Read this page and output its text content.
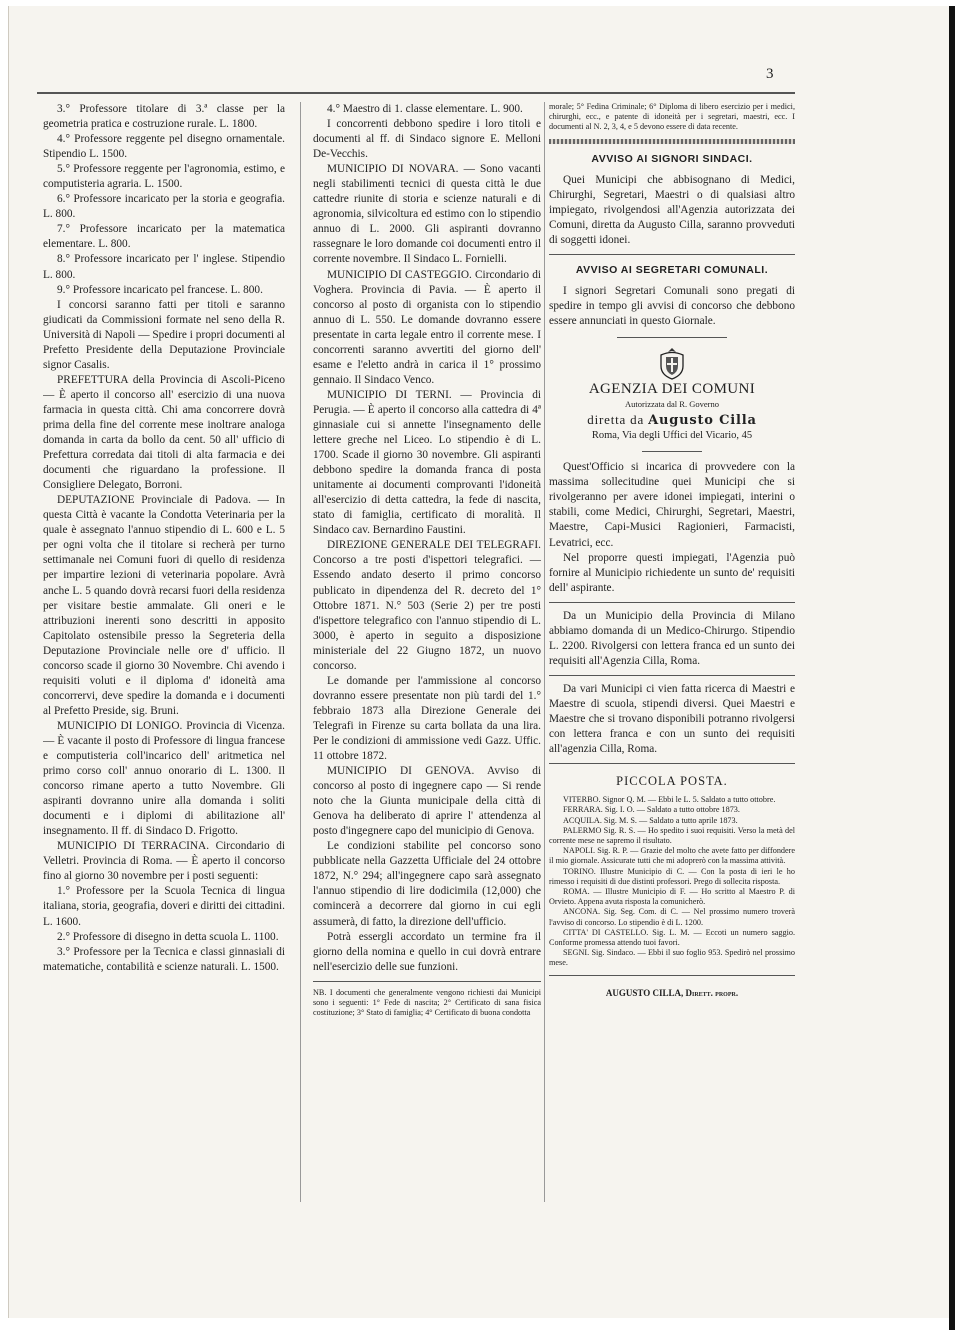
3

3.° Professore titolare di 3.ª classe per la geometria pratica e costruzione rurale. L. 1800.

4.° Professore reggente pel disegno ornamentale. Stipendio L. 1500.

5.° Professore reggente per l'agronomia, estimo, e computisteria agraria. L. 1500.

6.° Professore incaricato per la storia e geografia. L. 800.

7.° Professore incaricato per la matematica elementare. L. 800.

8.° Professore incaricato per l' inglese. Stipendio L. 800.

9.° Professore incaricato pel francese. L. 800.

I concorsi saranno fatti per titoli e saranno giudicati da Commissioni formate nel seno della R. Università di Napoli — Spedire i propri documenti al Prefetto Presidente della Deputazione Provinciale signor Casalis.

PREFETTURA della Provincia di Ascoli-Piceno — È aperto il concorso all' esercizio di una nuova farmacia in questa città. Chi ama concorrere dovrà prima della fine del corrente mese inoltrare analoga domanda in carta da bollo da cent. 50 all' ufficio di Prefettura corredata dai titoli di alta farmacia e dei documenti che riguardano la professione. Il Consigliere Delegato, Borroni.

DEPUTAZIONE Provinciale di Padova. — In questa Città è vacante la Condotta Veterinaria per la quale è assegnato l'annuo stipendio di L. 600 e L. 5 per ogni volta che il titolare si recherà per turno settimanale nei Comuni fuori di quello di residenza per impartire lezioni di veterinaria popolare. Avrà anche L. 5 quando dovrà recarsi fuori della residenza per visitare bestie ammalate. Gli oneri e le attribuzioni inerenti sono descritti in apposito Capitolato ostensibile presso la Segreteria della Deputazione Provinciale nelle ore d' ufficio. Il concorso scade il giorno 30 Novembre. Chi avendo i requisiti voluti e il diploma d' idoneità ama concorrervi, deve spedire la domanda e i documenti al Prefetto Preside, sig. Bruni.

MUNICIPIO DI LONIGO. Provincia di Vicenza. — È vacante il posto di Professore di lingua francese e computisteria coll'incarico dell' aritmetica nel primo corso coll' annuo onorario di L. 1300. Il concorso rimane aperto a tutto Novembre. Gli aspiranti dovranno unire alla domanda i soliti documenti e i diplomi di abilitazione all' insegnamento. Il ff. di Sindaco D. Frigotto.

MUNICIPIO DI TERRACINA. Circondario di Velletri. Provincia di Roma. — È aperto il concorso fino al giorno 30 novembre per i posti seguenti:

1.° Professore per la Scuola Tecnica di lingua italiana, storia, geografia, doveri e diritti dei cittadini. L. 1600.

2.° Professore di disegno in detta scuola L. 1100.

3.° Professore per la Tecnica e classi ginnasiali di matematiche, contabilità e scienze naturali. L. 1500.

4.° Maestro di 1. classe elementare. L. 900.

I concorrenti debbono spedire i loro titoli e documenti al ff. di Sindaco signore E. Melloni De-Vecchis.

MUNICIPIO DI NOVARA. — Sono vacanti negli stabilimenti tecnici di questa città le due cattedre riunite di storia e scienze naturali e di agronomia, silvicoltura ed estimo con lo stipendio annuo di L. 2000. Gli aspiranti dovranno rassegnare le loro domande coi documenti entro il corrente novembre. Il Sindaco L. Fornielli.

MUNICIPIO DI CASTEGGIO. Circondario di Voghera. Provincia di Pavia. — È aperto il concorso al posto di organista con lo stipendio annuo di L. 550. Le domande dovranno essere presentate in carta legale entro il corrente mese. I concorrenti saranno avvertiti del giorno dell' esame e l'eletto andrà in carica il 1° prossimo gennaio. Il Sindaco Venco.

MUNICIPIO DI TERNI. — Provincia di Perugia. — È aperto il concorso alla cattedra di 4ª ginnasiale cui si annette l'insegnamento delle lettere greche nel Liceo. Lo stipendio è di L. 1700. Scade il giorno 30 novembre. Gli aspiranti debbono spedire la domanda franca di posta unitamente ai documenti comprovanti l'idoneità all'esercizio di detta cattedra, la fede di nascita, stato di famiglia, certificato di moralità. Il Sindaco cav. Bernardino Faustini.

DIREZIONE GENERALE DEI TELEGRAFI. Concorso a tre posti d'ispettori telegrafici. — Essendo andato deserto il primo concorso publicato in dipendenza del R. decreto del 1° Ottobre 1871. N.° 503 (Serie 2) per tre posti d'ispettore telegrafico con l'annuo stipendio di L. 3000, è aperto in seguito a disposizione ministeriale del 22 Giugno 1872, un nuovo concorso.

Le domande per l'ammissione al concorso dovranno essere presentate non più tardi del 1.° febbraio 1873 alla Direzione Generale dei Telegrafi in Firenze su carta bollata da una lira. Per le condizioni di ammissione vedi Gazz. Uffic. 11 ottobre 1872.

MUNICIPIO DI GENOVA. Avviso di concorso al posto di ingegnere capo — Si rende noto che la Giunta municipale della città di Genova ha deliberato di aprire l' attendenza al posto d'ingegnere capo del municipio di Genova.

Le condizioni stabilite pel concorso sono pubblicate nella Gazzetta Ufficiale del 24 ottobre 1872, N.° 294; all'ingegnere capo sarà assegnato l'annuo stipendio di lire dodicimila (12,000) che comincerà a decorrere dal giorno in cui egli assumerà, di fatto, la direzione dell'ufficio.

Potrà essergli accordato un termine fra il giorno della nomina e quello in cui dovrà entrare nell'esercizio delle sue funzioni.

NB. I documenti che generalmente vengono richiesti dai Municipi sono i seguenti: 1° Fede di nascita; 2° Certificato di sana fisica costituzione; 3° Stato di famiglia; 4° Certificato di buona condotta

morale; 5° Fedina Criminale; 6° Diploma di libero esercizio per i medici, chirurghi, ecc., e patente di idoneità per i segretari, maestri, ecc. I documenti al N. 2, 3, 4, e 5 devono essere di data recente.

AVVISO AI SIGNORI SINDACI.

Quei Municipi che abbisognano di Medici, Chirurghi, Segretari, Maestri o di qualsiasi altro impiegato, rivolgendosi all'Agenzia autorizzata dei Comuni, diretta da Augusto Cilla, saranno provveduti di soggetti idonei.

AVVISO AI SEGRETARI COMUNALI.

I signori Segretari Comunali sono pregati di spedire in tempo gli avvisi di concorso che debbono essere annunciati in questo Giornale.

AGENZIA DEI COMUNI
Autorizzata dal R. Governo
diretta da Augusto Cilla
Roma, Via degli Uffici del Vicario, 45

Quest'Officio si incarica di provvedere con la massima sollecitudine quei Municipi che si rivolgeranno per avere idonei impiegati, interini o stabili, come Medici, Chirurghi, Segretari, Maestri, Maestre, Capi-Musici Ragionieri, Farmacisti, Levatrici, ecc.

Nel proporre questi impiegati, l'Agenzia può fornire al Municipio richiedente un sunto de' requisiti dell' aspirante.

Da un Municipio della Provincia di Milano abbiamo domanda di un Medico-Chirurgo. Stipendio L. 2200. Rivolgersi con lettera franca ed un sunto dei requisiti all'Agenzia Cilla, Roma.

Da vari Municipi ci vien fatta ricerca di Maestri e Maestre di scuola, stipendi diversi. Quei Maestri e Maestre che si trovano disponibili potranno rivolgersi con lettera franca e con un sunto dei requisiti all'agenzia Cilla, Roma.

PICCOLA POSTA.

VITERBO. Signor Q. M. — Ebbi le L. 5. Saldato a tutto ottobre.

FERRARA. Sig. I. O. — Saldato a tutto ottobre 1873.

ACQUILA. Sig. M. S. — Saldato a tutto aprile 1873.

PALERMO Sig. R. S. — Ho spedito i suoi requisiti. Verso la metà del corrente mese ne sapremo il risultato.

NAPOLI. Sig. R. P. — Grazie del molto che avete fatto per diffondere il mio giornale. Assicurate tutti che mi adoprerò con la massima attività.

TORINO. Illustre Municipio di C. — Con la posta di ieri le ho rimesso i requisiti di due distinti professori. Prego di sollecita risposta.

ROMA. — Illustre Municipio di F. — Ho scritto al Maestro P. di Orvieto. Appena avuta risposta la comunicherò.

ANCONA. Sig. Seg. Com. di C. — Nel prossimo numero troverà l'avviso di concorso. Lo stipendio è di L. 1200.

CITTA' DI CASTELLO. Sig. L. M. — Eccoti un numero saggio. Conforme promessa attendo tuoi favori.

SEGNI. Sig. Sindaco. — Ebbi il suo foglio 953. Spedirò nel prossimo mese.

AUGUSTO CILLA, Dirett. propr.
